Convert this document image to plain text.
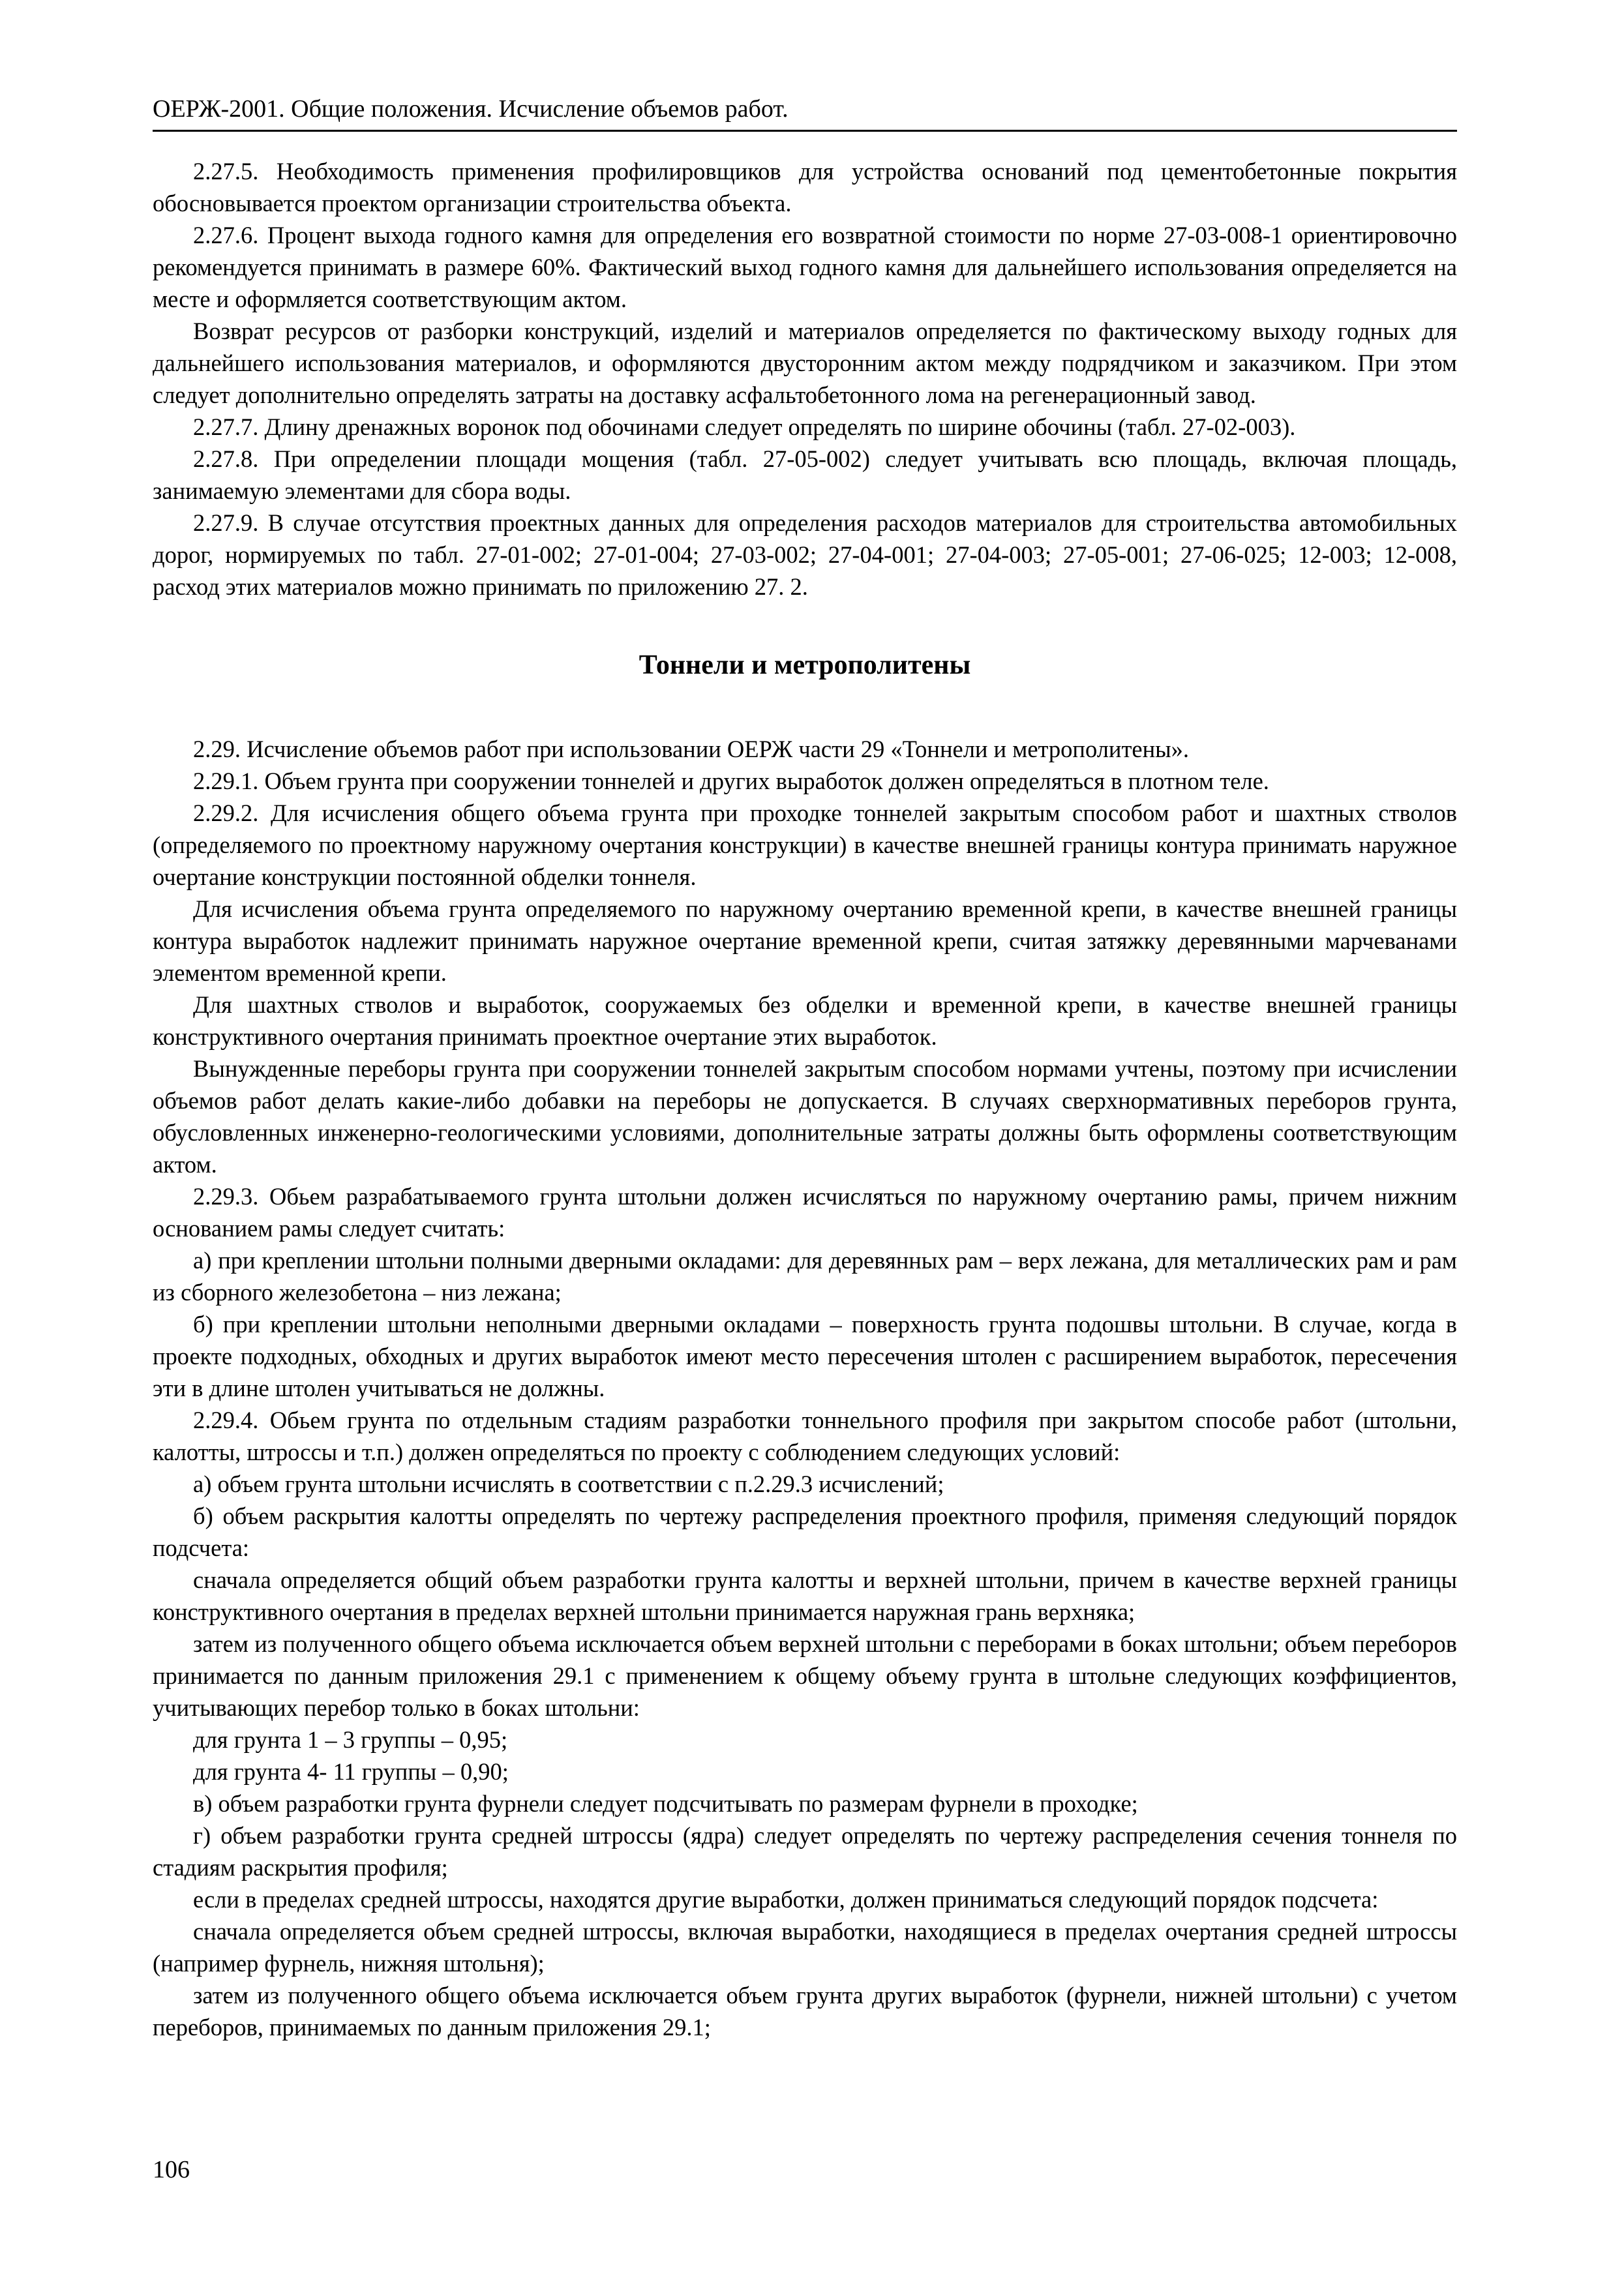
ОЕРЖ-2001. Общие положения. Исчисление объемов работ.

2.27.5. Необходимость применения профилировщиков для устройства оснований под цементобетонные покрытия обосновывается проектом организации строительства объекта.

2.27.6. Процент выхода годного камня для определения его возвратной стоимости по норме 27-03-008-1 ориентировочно рекомендуется принимать в размере 60%. Фактический выход годного камня для дальнейшего использования определяется на месте и оформляется соответствующим актом.

Возврат ресурсов от разборки конструкций, изделий и материалов определяется по фактическому выходу годных для дальнейшего использования материалов, и оформляются двусторонним актом между подрядчиком и заказчиком. При этом следует дополнительно определять затраты на доставку асфальтобетонного лома на регенерационный завод.

2.27.7. Длину дренажных воронок под обочинами следует определять по ширине обочины (табл. 27-02-003).

2.27.8. При определении площади мощения (табл. 27-05-002) следует учитывать всю площадь, включая площадь, занимаемую элементами для сбора воды.

2.27.9. В случае отсутствия проектных данных для определения расходов материалов для строительства автомобильных дорог, нормируемых по табл. 27-01-002; 27-01-004; 27-03-002; 27-04-001; 27-04-003; 27-05-001; 27-06-025; 12-003; 12-008, расход этих материалов можно принимать по приложению 27. 2.

Тоннели и метрополитены

2.29. Исчисление объемов работ при использовании ОЕРЖ части 29 «Тоннели и метрополитены».

2.29.1. Объем грунта при сооружении тоннелей и других выработок должен определяться в плотном теле.

2.29.2. Для исчисления общего объема грунта при проходке тоннелей закрытым способом работ и шахтных стволов (определяемого по проектному наружному очертания конструкции) в качестве внешней границы контура принимать наружное очертание конструкции постоянной обделки тоннеля.

Для исчисления объема грунта определяемого по наружному очертанию временной крепи, в качестве внешней границы контура выработок надлежит принимать наружное очертание временной крепи, считая затяжку деревянными марчеванами элементом временной крепи.

Для шахтных стволов и выработок, сооружаемых без обделки и временной крепи, в качестве внешней границы конструктивного очертания принимать проектное очертание этих выработок.

Вынужденные переборы грунта при сооружении тоннелей закрытым способом нормами учтены, поэтому при исчислении объемов работ делать какие-либо добавки на переборы не допускается. В случаях сверхнормативных переборов грунта, обусловленных инженерно-геологическими условиями, дополнительные затраты должны быть оформлены соответствующим актом.

2.29.3. Обьем разрабатываемого грунта штольни должен исчисляться по наружному очертанию рамы, причем нижним основанием рамы следует считать:

а) при креплении штольни полными дверными окладами: для деревянных рам – верх лежана, для металлических рам и рам из сборного железобетона – низ лежана;

б) при креплении штольни неполными дверными окладами – поверхность грунта подошвы штольни. В случае, когда в проекте подходных, обходных и других выработок имеют место пересечения штолен с расширением выработок, пересечения эти в длине штолен учитываться не должны.

2.29.4. Обьем грунта по отдельным стадиям разработки тоннельного профиля при закрытом способе работ (штольни, калотты, штроссы и т.п.) должен определяться по проекту с соблюдением следующих условий:

а) объем грунта штольни исчислять в соответствии с п.2.29.3 исчислений;

б) объем раскрытия калотты определять по чертежу распределения проектного профиля, применяя следующий порядок подсчета:

сначала определяется общий объем разработки грунта калотты и верхней штольни, причем в качестве верхней границы конструктивного очертания в пределах верхней штольни принимается наружная грань верхняка;

затем из полученного общего объема исключается объем верхней штольни с переборами в боках штольни; объем переборов принимается по данным приложения 29.1 с применением к общему объему грунта в штольне следующих коэффициентов, учитывающих перебор только в боках штольни:

для грунта 1 – 3 группы – 0,95;

для грунта 4- 11 группы – 0,90;

в) объем разработки грунта фурнели следует подсчитывать по размерам фурнели в проходке;

г) объем разработки грунта средней штроссы (ядра) следует определять по чертежу распределения сечения тоннеля по стадиям раскрытия профиля;

если в пределах средней штроссы, находятся другие выработки, должен приниматься следующий порядок подсчета:

сначала определяется объем средней штроссы, включая выработки, находящиеся в пределах очертания средней штроссы (например фурнель, нижняя штольня);

затем из полученного общего объема исключается объем грунта других выработок (фурнели, нижней штольни) с учетом переборов, принимаемых по данным приложения 29.1;

106
